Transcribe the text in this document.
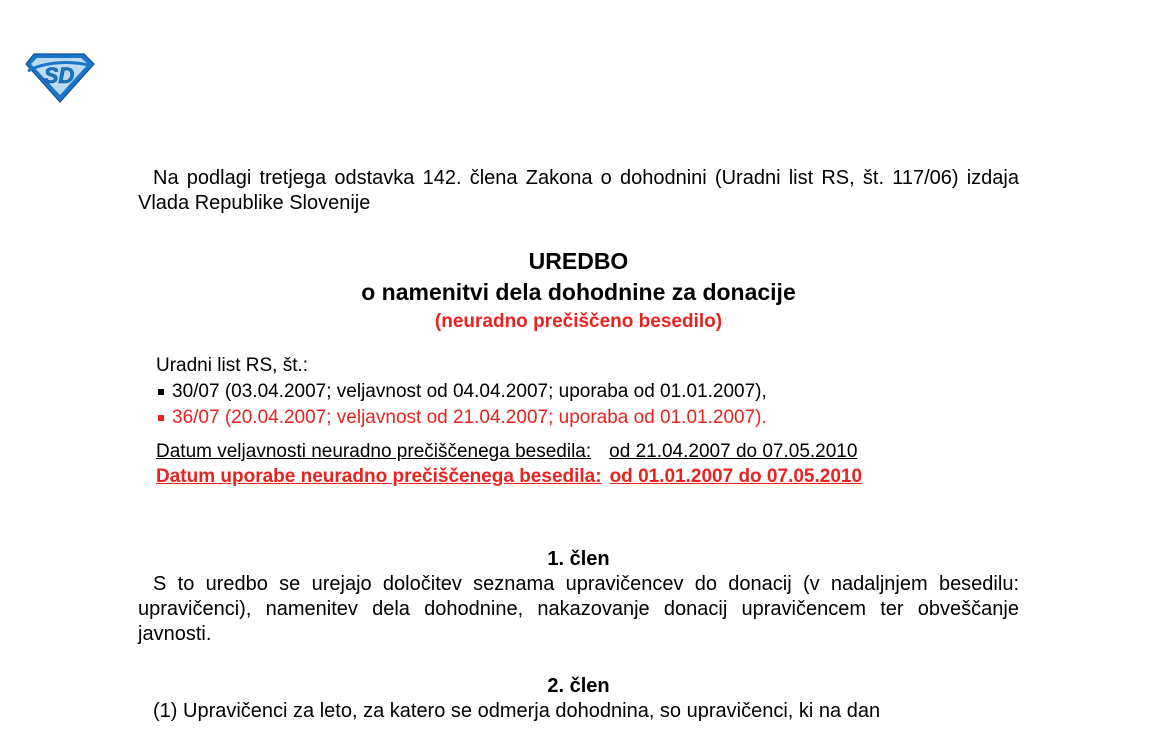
SD
Na podlagi tretjega odstavka 142. člena Zakona o dohodnini (Uradni list RS, št. 117/06) izdaja Vlada Republike Slovenije
UREDBO
o namenitvi dela dohodnine za donacije
(neuradno prečiščeno besedilo)
Uradni list RS, št.:
30/07 (03.04.2007; veljavnost od 04.04.2007; uporaba od 01.01.2007),
36/07 (20.04.2007; veljavnost od 21.04.2007; uporaba od 01.01.2007).
Datum veljavnosti neuradno prečiščenega besedila: od 21.04.2007 do 07.05.2010
Datum uporabe neuradno prečiščenega besedila: od 01.01.2007 do 07.05.2010
1. člen
S to uredbo se urejajo določitev seznama upravičencev do donacij (v nadaljnjem besedilu: upravičenci), namenitev dela dohodnine, nakazovanje donacij upravičencem ter obveščanje javnosti.
2. člen
(1) Upravičenci za leto, za katero se odmerja dohodnina, so upravičenci, ki na dan
